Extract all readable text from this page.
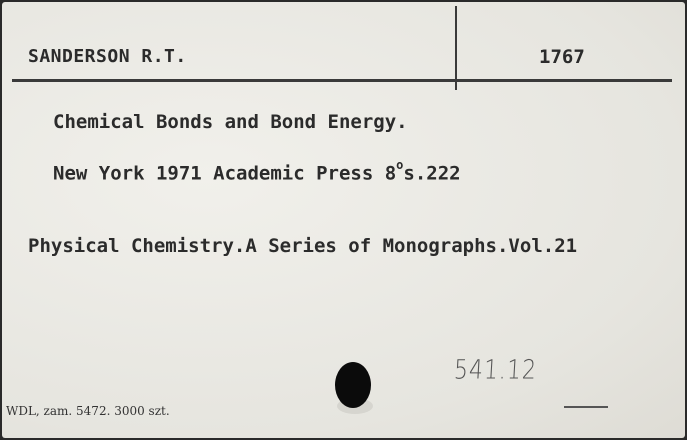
SANDERSON R.T.	1767
Chemical Bonds and Bond Energy.
New York 1971 Academic Press 8$^o$s.222
Physical Chemistry.A Series of Monographs.Vol.21
WDL, zam. 5472. 3000 szt.
541.12
